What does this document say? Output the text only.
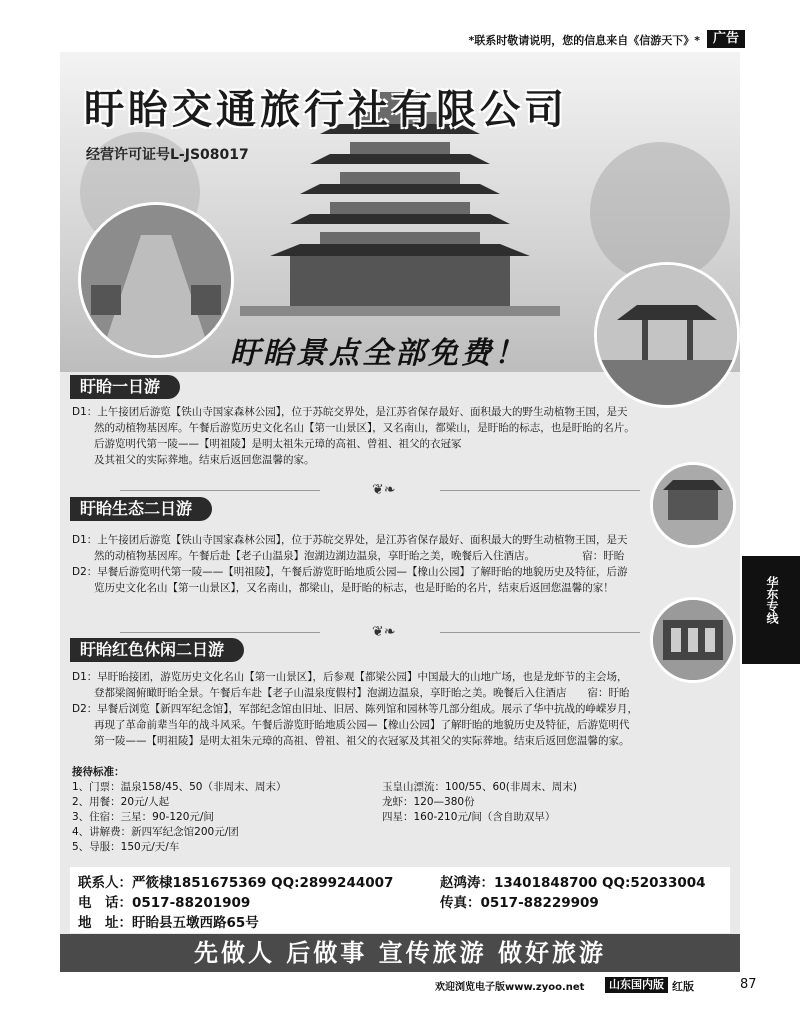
*联系时敬请说明，您的信息来自《信游天下》* 广告
盱眙交通旅行社有限公司
经营许可证号L-JS08017
盱眙景点全部免费！
盱眙一日游

D1：上午接团后游览【铁山寺国家森林公园】，位于苏皖交界处，是江苏省保存最好、面积最大的野生动植物王国，是天

然的动植物基因库。午餐后游览历史文化名山【第一山景区】，又名南山，都梁山，是盱眙的标志，也是盱眙的名片。

后游览明代第一陵——【明祖陵】是明太祖朱元璋的高祖、曾祖、祖父的衣冠冢

及其祖父的实际葬地。结束后返回您温馨的家。

❦❧
盱眙生态二日游

D1：上午接团后游览【铁山寺国家森林公园】，位于苏皖交界处，是江苏省保存最好、面积最大的野生动植物王国，是天

然的动植物基因库。午餐后赴【老子山温泉】泡湖边湖边温泉，享盱眙之美，晚餐后入住酒店。　　　　　宿：盱眙

D2：早餐后游览明代第一陵——【明祖陵】，午餐后游览盱眙地质公园—【橡山公园】了解盱眙的地貌历史及特征，后游

览历史文化名山【第一山景区】，又名南山，都梁山，是盱眙的标志，也是盱眙的名片，结束后返回您温馨的家！

❦❧
盱眙红色休闲二日游

D1：早盱眙接团，游览历史文化名山【第一山景区】，后参观【都梁公园】中国最大的山地广场，也是龙虾节的主会场，

登都梁阁俯瞰盱眙全景。午餐后车赴【老子山温泉度假村】泡湖边温泉，享盱眙之美。晚餐后入住酒店　　宿：盱眙

D2：早餐后浏览【新四军纪念馆】，军部纪念馆由旧址、旧居、陈列馆和园林等几部分组成。展示了华中抗战的峥嵘岁月，

再现了革命前辈当年的战斗风采。午餐后游览盱眙地质公园—【橡山公园】了解盱眙的地貌历史及特征，后游览明代

第一陵——【明祖陵】是明太祖朱元璋的高祖、曾祖、祖父的衣冠冢及其祖父的实际葬地。结束后返回您温馨的家。

接待标准：
1、门票：温泉158/45、50（非周末、周末）	玉皇山漂流：100/55、60(非周末、周末)
2、用餐：20元/人起	龙虾：120—380份
3、住宿：三星：90-120元/间	四星：160-210元/间（含自助双早）
4、讲解费：新四军纪念馆200元/团
5、导服：150元/天/车
联系人：严筱棣1851675369 QQ:2899244007	赵鸿涛：13401848700 QQ:52033004
电　话：0517-88201909	传真：0517-88229909
地　址：盱眙县五墩西路65号
先做人 后做事 宣传旅游 做好旅游
华东专线
欢迎浏览电子版www.zyoo.net	山东国内版 红版	87
